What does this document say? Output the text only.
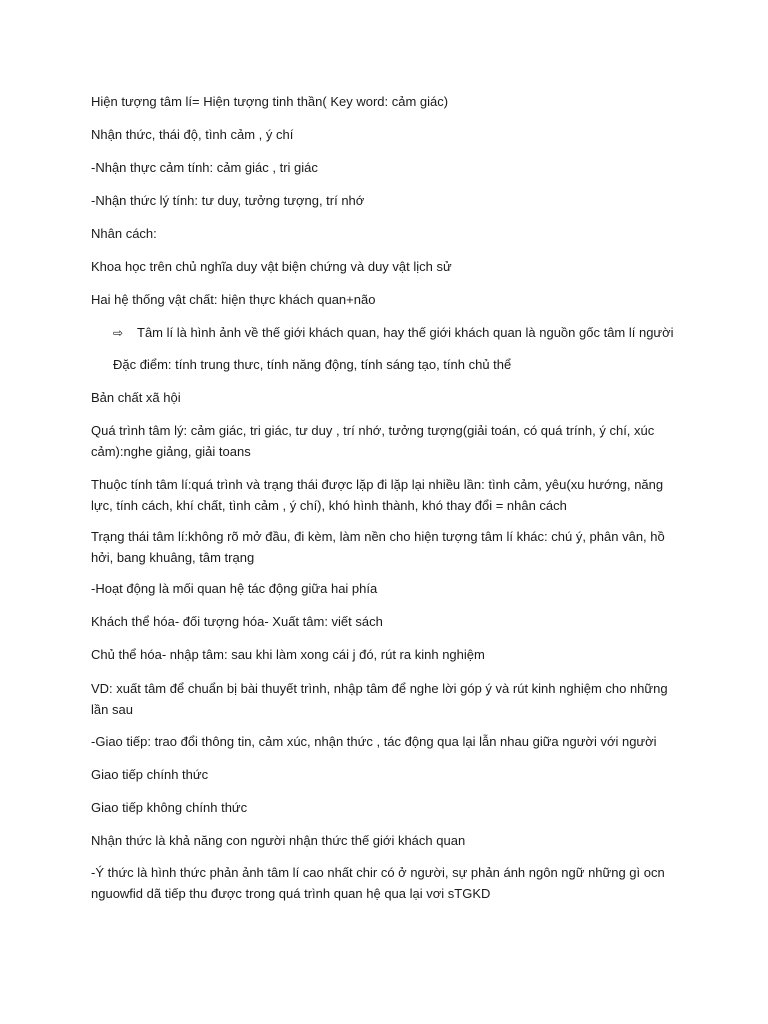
Hiện tượng tâm lí= Hiện tượng tinh thần( Key word: cảm giác)

Nhận thức, thái độ, tình cảm , ý chí

-Nhận thực cảm tính: cảm giác , tri giác

-Nhận thức lý tính: tư duy, tưởng tượng, trí nhớ

Nhân cách:

Khoa học trên chủ nghĩa duy vật biện chứng và duy vật lịch sử

Hai hệ thống vật chất: hiện thực khách quan+não

⇨ Tâm lí là hình ảnh về thế giới khách quan, hay thế giới khách quan là nguồn gốc tâm lí người

Đặc điểm: tính trung thưc, tính năng động, tính sáng tạo, tính chủ thể

Bản chất xã hội

Quá trình tâm lý: cảm giác, tri giác, tư duy , trí nhớ, tưởng tượng(giải toán, có quá trính, ý chí, xúc cảm):nghe giảng, giải toans

Thuộc tính tâm lí:quá trình và trạng thái được lặp đi lặp lại nhiều lần: tình cảm, yêu(xu hướng, năng lực, tính cách, khí chất, tình cảm , ý chí), khó hình thành, khó thay đổi = nhân cách

Trạng thái tâm lí:không rõ mở đầu, đi kèm, làm nền cho hiện tượng tâm lí khác: chú ý, phân vân, hồ hởi, bang khuâng, tâm trạng

-Hoạt động là mối quan hệ tác động giữa hai phía

Khách thể hóa- đối tượng hóa- Xuất tâm: viết sách

Chủ thể hóa- nhập tâm: sau khi làm xong cái j đó, rút ra kinh nghiệm

VD: xuất tâm để chuẩn bị bài thuyết trình, nhập tâm để nghe lời góp ý và rút kinh nghiệm cho những lần sau

-Giao tiếp: trao đổi thông tin, cảm xúc, nhận thức , tác động qua lại lẫn nhau giữa người với người

Giao tiếp chính thức

Giao tiếp không chính thức

Nhận thức là khả năng con người nhận thức thế giới khách quan

-Ý thức là hình thức phản ảnh tâm lí cao nhất chir có ở người, sự phản ánh ngôn ngữ những gì ocn nguowfid dã tiếp thu được trong quá trình quan hệ qua lại vơi sTGKD
